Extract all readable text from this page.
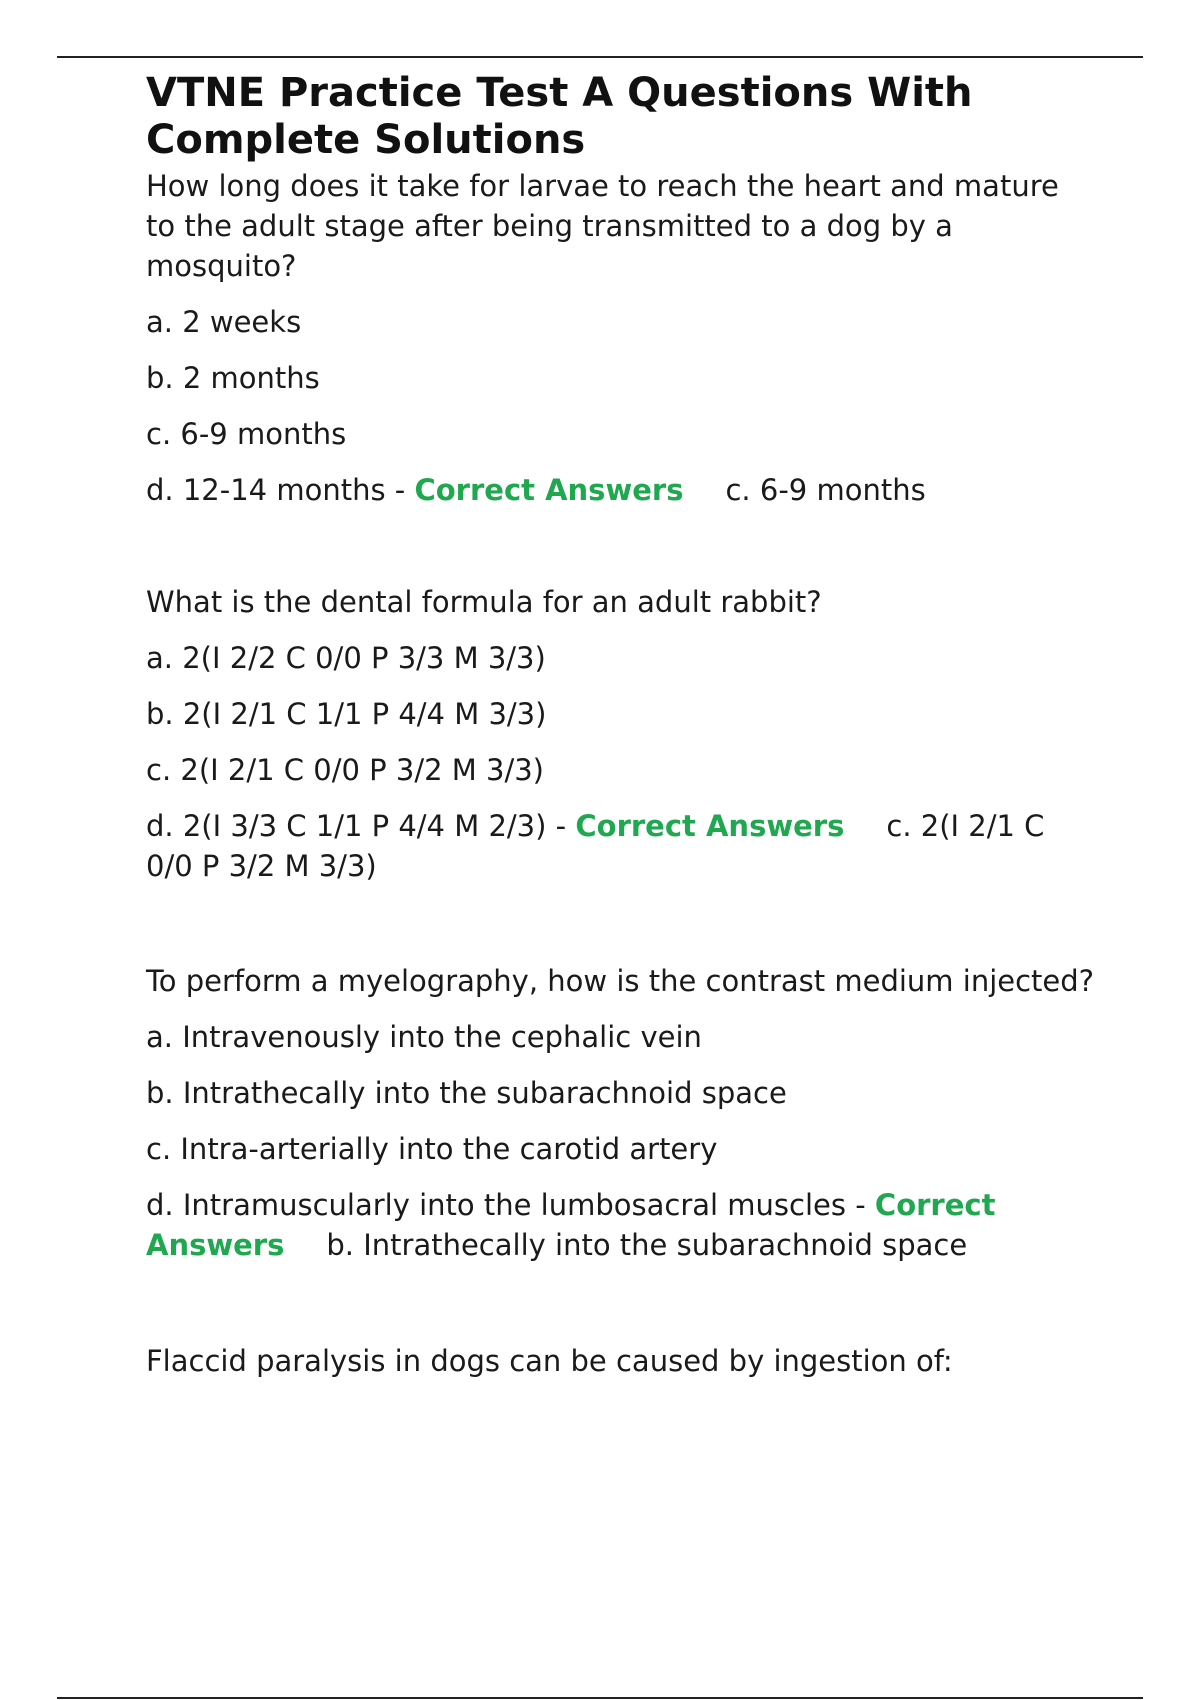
VTNE Practice Test A Questions With Complete Solutions

How long does it take for larvae to reach the heart and mature to the adult stage after being transmitted to a dog by a mosquito?

a. 2 weeks

b. 2 months

c. 6-9 months

d. 12-14 months - Correct Answers c. 6-9 months

What is the dental formula for an adult rabbit?

a. 2(I 2/2 C 0/0 P 3/3 M 3/3)

b. 2(I 2/1 C 1/1 P 4/4 M 3/3)

c. 2(I 2/1 C 0/0 P 3/2 M 3/3)

d. 2(I 3/3 C 1/1 P 4/4 M 2/3) - Correct Answers c. 2(I 2/1 C 0/0 P 3/2 M 3/3)

To perform a myelography, how is the contrast medium injected?

a. Intravenously into the cephalic vein

b. Intrathecally into the subarachnoid space

c. Intra-arterially into the carotid artery

d. Intramuscularly into the lumbosacral muscles - Correct Answers b. Intrathecally into the subarachnoid space

Flaccid paralysis in dogs can be caused by ingestion of:
